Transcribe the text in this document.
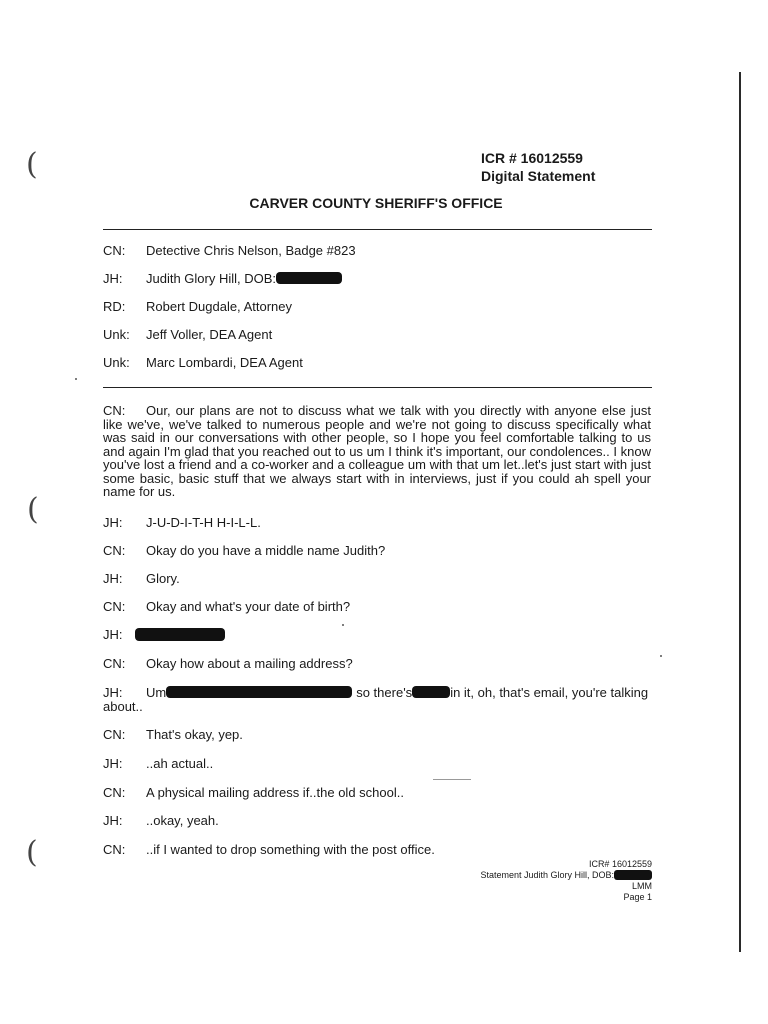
(
(
(
ICR # 16012559
Digital Statement
CARVER COUNTY SHERIFF'S OFFICE
CN: Detective Chris Nelson, Badge #823
JH: Judith Glory Hill, DOB:
RD: Robert Dugdale, Attorney
Unk: Jeff Voller, DEA Agent
Unk: Marc Lombardi, DEA Agent
CN: Our, our plans are not to discuss what we talk with you directly with anyone else just like we've, we've talked to numerous people and we're not going to discuss specifically what was said in our conversations with other people, so I hope you feel comfortable talking to us and again I'm glad that you reached out to us um I think it's important, our condolences.. I know you've lost a friend and a co-worker and a colleague um with that um let..let's just start with just some basic, basic stuff that we always start with in interviews, just if you could ah spell your name for us.
JH: J-U-D-I-T-H H-I-L-L.
CN: Okay do you have a middle name Judith?
JH: Glory.
CN: Okay and what's your date of birth?
JH:
CN: Okay how about a mailing address?
JH: Um	so there's	in it, oh, that's email, you're talking
about..
CN: That's okay, yep.
JH: ..ah actual..
CN: A physical mailing address if..the old school..
JH: ..okay, yeah.
CN: ..if I wanted to drop something with the post office.
ICR# 16012559
Statement Judith Glory Hill, DOB:
LMM
Page 1
